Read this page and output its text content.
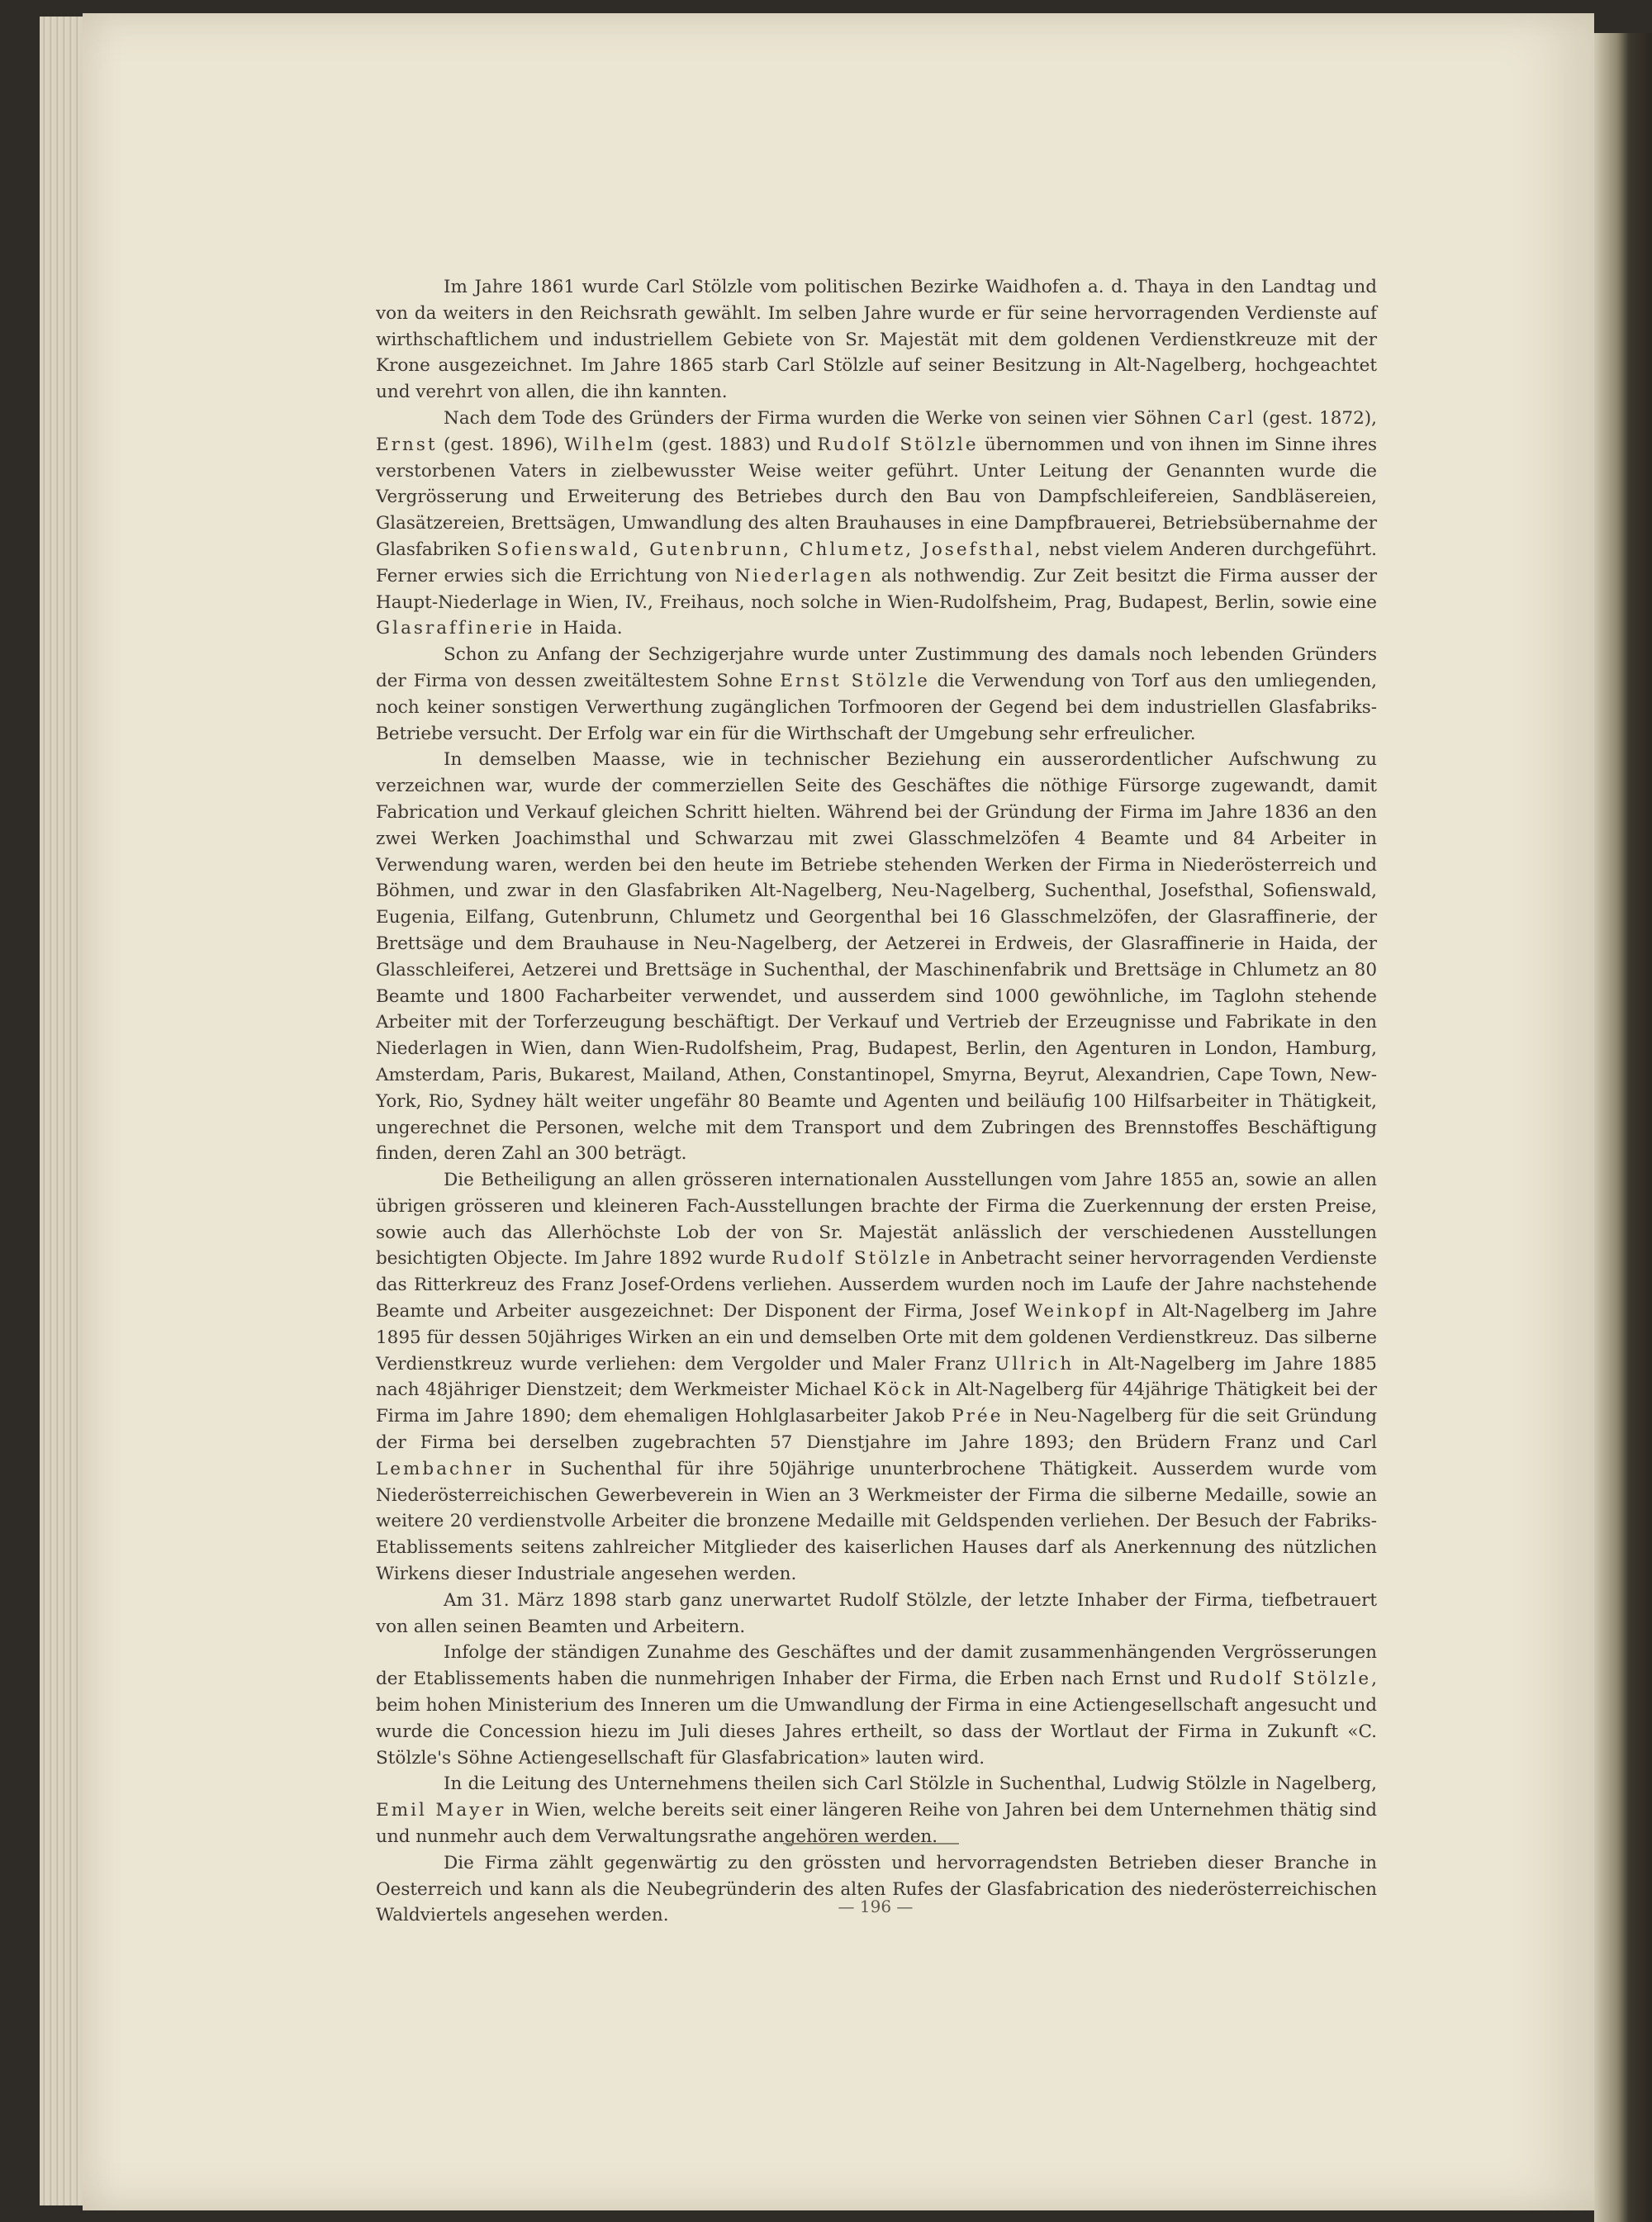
Im Jahre 1861 wurde Carl Stölzle vom politischen Bezirke Waidhofen a. d. Thaya in den Landtag und von da weiters in den Reichsrath gewählt. Im selben Jahre wurde er für seine hervorragenden Verdienste auf wirthschaftlichem und industriellem Gebiete von Sr. Majestät mit dem goldenen Verdienstkreuze mit der Krone ausgezeichnet. Im Jahre 1865 starb Carl Stölzle auf seiner Besitzung in Alt-Nagelberg, hochgeachtet und verehrt von allen, die ihn kannten.

Nach dem Tode des Gründers der Firma wurden die Werke von seinen vier Söhnen Carl (gest. 1872), Ernst (gest. 1896), Wilhelm (gest. 1883) und Rudolf Stölzle übernommen und von ihnen im Sinne ihres verstorbenen Vaters in zielbewusster Weise weiter geführt. Unter Leitung der Genannten wurde die Vergrösserung und Erweiterung des Betriebes durch den Bau von Dampfschleifereien, Sandbläsereien, Glasätzereien, Brettsägen, Umwandlung des alten Brauhauses in eine Dampfbrauerei, Betriebsübernahme der Glasfabriken Sofienswald, Gutenbrunn, Chlumetz, Josefsthal, nebst vielem Anderen durchgeführt. Ferner erwies sich die Errichtung von Niederlagen als nothwendig. Zur Zeit besitzt die Firma ausser der Haupt-Niederlage in Wien, IV., Freihaus, noch solche in Wien-Rudolfsheim, Prag, Budapest, Berlin, sowie eine Glasraffinerie in Haida.

Schon zu Anfang der Sechzigerjahre wurde unter Zustimmung des damals noch lebenden Gründers der Firma von dessen zweitältestem Sohne Ernst Stölzle die Verwendung von Torf aus den umliegenden, noch keiner sonstigen Verwerthung zugänglichen Torfmooren der Gegend bei dem industriellen Glasfabriks-Betriebe versucht. Der Erfolg war ein für die Wirthschaft der Umgebung sehr erfreulicher.

In demselben Maasse, wie in technischer Beziehung ein ausserordentlicher Aufschwung zu verzeichnen war, wurde der commerziellen Seite des Geschäftes die nöthige Fürsorge zugewandt, damit Fabrication und Verkauf gleichen Schritt hielten. Während bei der Gründung der Firma im Jahre 1836 an den zwei Werken Joachimsthal und Schwarzau mit zwei Glasschmelzöfen 4 Beamte und 84 Arbeiter in Verwendung waren, werden bei den heute im Betriebe stehenden Werken der Firma in Niederösterreich und Böhmen, und zwar in den Glasfabriken Alt-Nagelberg, Neu-Nagelberg, Suchenthal, Josefsthal, Sofienswald, Eugenia, Eilfang, Gutenbrunn, Chlumetz und Georgenthal bei 16 Glasschmelzöfen, der Glasraffinerie, der Brettsäge und dem Brauhause in Neu-Nagelberg, der Aetzerei in Erdweis, der Glasraffinerie in Haida, der Glasschleiferei, Aetzerei und Brettsäge in Suchenthal, der Maschinenfabrik und Brettsäge in Chlumetz an 80 Beamte und 1800 Facharbeiter verwendet, und ausserdem sind 1000 gewöhnliche, im Taglohn stehende Arbeiter mit der Torferzeugung beschäftigt. Der Verkauf und Vertrieb der Erzeugnisse und Fabrikate in den Niederlagen in Wien, dann Wien-Rudolfsheim, Prag, Budapest, Berlin, den Agenturen in London, Hamburg, Amsterdam, Paris, Bukarest, Mailand, Athen, Constantinopel, Smyrna, Beyrut, Alexandrien, Cape Town, New-York, Rio, Sydney hält weiter ungefähr 80 Beamte und Agenten und beiläufig 100 Hilfsarbeiter in Thätigkeit, ungerechnet die Personen, welche mit dem Transport und dem Zubringen des Brennstoffes Beschäftigung finden, deren Zahl an 300 beträgt.

Die Betheiligung an allen grösseren internationalen Ausstellungen vom Jahre 1855 an, sowie an allen übrigen grösseren und kleineren Fach-Ausstellungen brachte der Firma die Zuerkennung der ersten Preise, sowie auch das Allerhöchste Lob der von Sr. Majestät anlässlich der verschiedenen Ausstellungen besichtigten Objecte. Im Jahre 1892 wurde Rudolf Stölzle in Anbetracht seiner hervorragenden Verdienste das Ritterkreuz des Franz Josef-Ordens verliehen. Ausserdem wurden noch im Laufe der Jahre nachstehende Beamte und Arbeiter ausgezeichnet: Der Disponent der Firma, Josef Weinkopf in Alt-Nagelberg im Jahre 1895 für dessen 50jähriges Wirken an ein und demselben Orte mit dem goldenen Verdienstkreuz. Das silberne Verdienstkreuz wurde verliehen: dem Vergolder und Maler Franz Ullrich in Alt-Nagelberg im Jahre 1885 nach 48jähriger Dienstzeit; dem Werkmeister Michael Köck in Alt-Nagelberg für 44jährige Thätigkeit bei der Firma im Jahre 1890; dem ehemaligen Hohlglasarbeiter Jakob Prée in Neu-Nagelberg für die seit Gründung der Firma bei derselben zugebrachten 57 Dienstjahre im Jahre 1893; den Brüdern Franz und Carl Lembachner in Suchenthal für ihre 50jährige ununterbrochene Thätigkeit. Ausserdem wurde vom Niederösterreichischen Gewerbeverein in Wien an 3 Werkmeister der Firma die silberne Medaille, sowie an weitere 20 verdienstvolle Arbeiter die bronzene Medaille mit Geldspenden verliehen. Der Besuch der Fabriks-Etablissements seitens zahlreicher Mitglieder des kaiserlichen Hauses darf als Anerkennung des nützlichen Wirkens dieser Industriale angesehen werden.

Am 31. März 1898 starb ganz unerwartet Rudolf Stölzle, der letzte Inhaber der Firma, tiefbetrauert von allen seinen Beamten und Arbeitern.

Infolge der ständigen Zunahme des Geschäftes und der damit zusammenhängenden Vergrösserungen der Etablissements haben die nunmehrigen Inhaber der Firma, die Erben nach Ernst und Rudolf Stölzle, beim hohen Ministerium des Inneren um die Umwandlung der Firma in eine Actiengesellschaft angesucht und wurde die Concession hiezu im Juli dieses Jahres ertheilt, so dass der Wortlaut der Firma in Zukunft «C. Stölzle's Söhne Actiengesellschaft für Glasfabrication» lauten wird.

In die Leitung des Unternehmens theilen sich Carl Stölzle in Suchenthal, Ludwig Stölzle in Nagelberg, Emil Mayer in Wien, welche bereits seit einer längeren Reihe von Jahren bei dem Unternehmen thätig sind und nunmehr auch dem Verwaltungsrathe angehören werden.

Die Firma zählt gegenwärtig zu den grössten und hervorragendsten Betrieben dieser Branche in Oesterreich und kann als die Neubegründerin des alten Rufes der Glasfabrication des niederösterreichischen Waldviertels angesehen werden.	— 196 —
